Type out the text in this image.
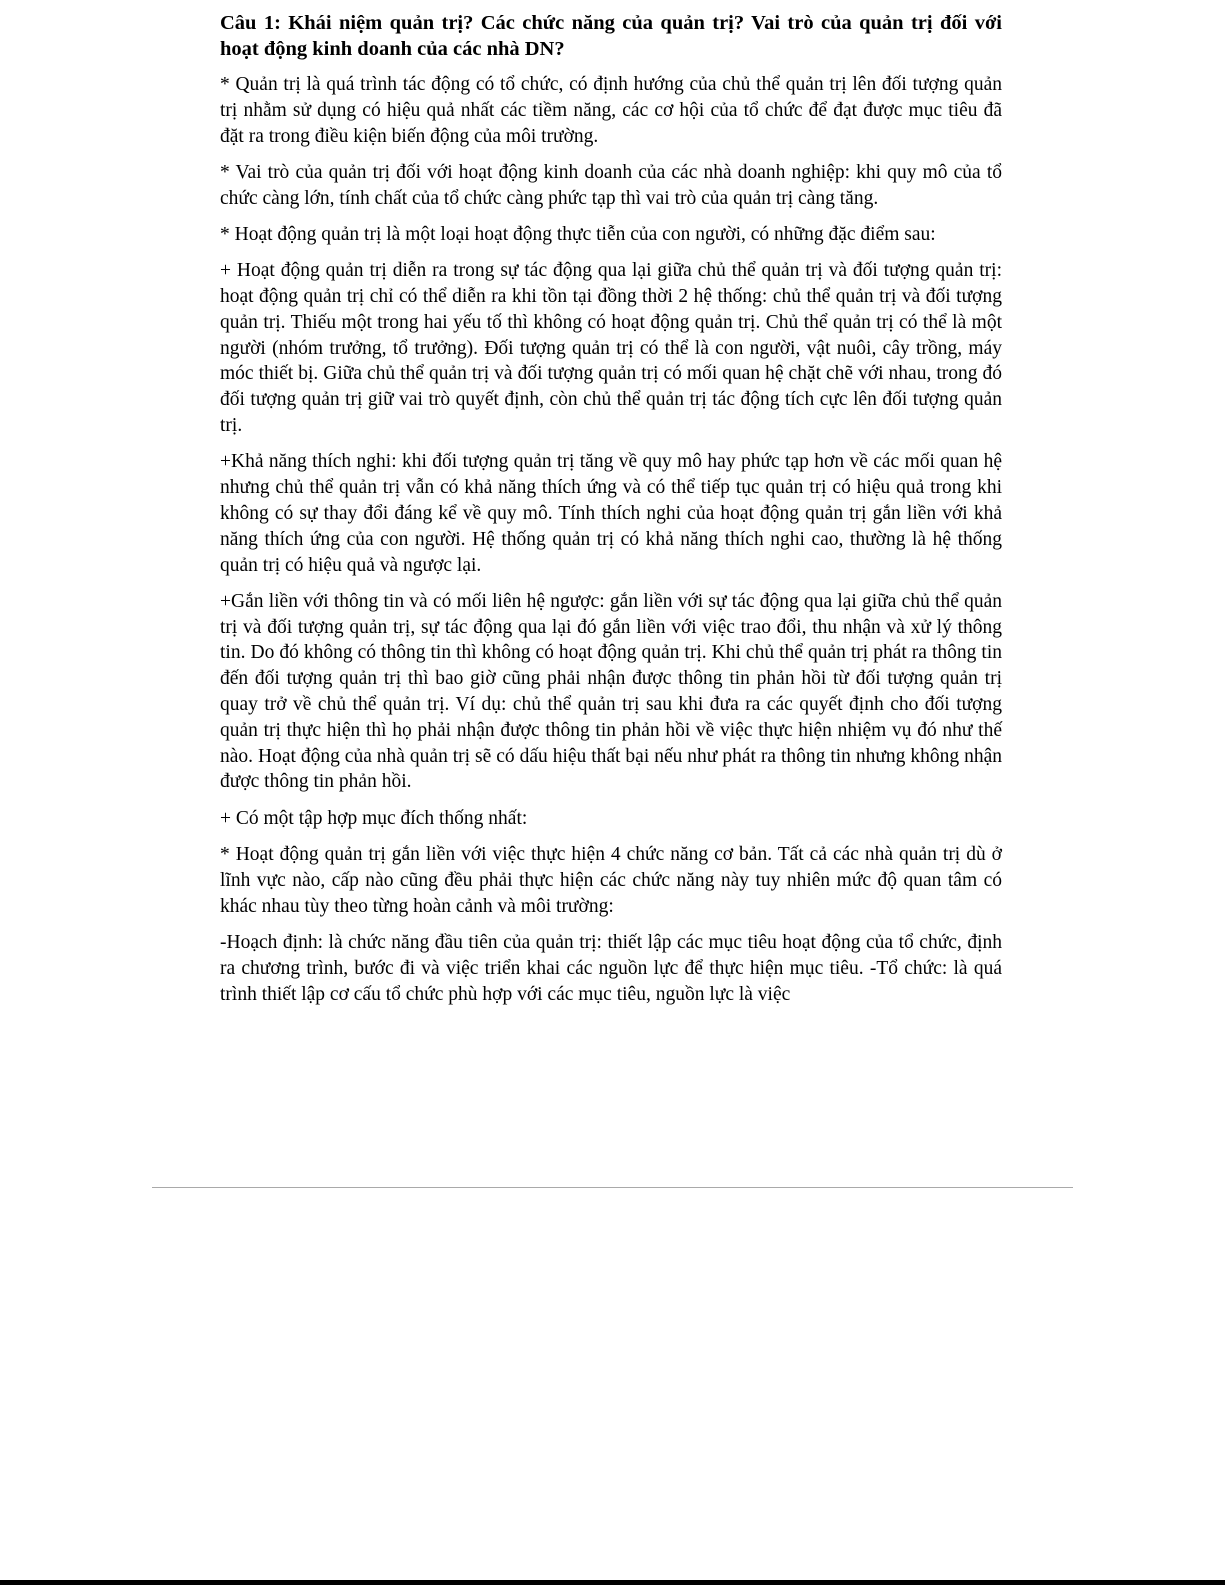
Câu 1: Khái niệm quản trị? Các chức năng của quản trị? Vai trò của quản trị đối với hoạt động kinh doanh của các nhà DN?

* Quản trị là quá trình tác động có tổ chức, có định hướng của chủ thể quản trị lên đối tượng quản trị nhằm sử dụng có hiệu quả nhất các tiềm năng, các cơ hội của tổ chức để đạt được mục tiêu đã đặt ra trong điều kiện biến động của môi trường.

* Vai trò của quản trị đối với hoạt động kinh doanh của các nhà doanh nghiệp: khi quy mô của tổ chức càng lớn, tính chất của tổ chức càng phức tạp thì vai trò của quản trị càng tăng.

* Hoạt động quản trị là một loại hoạt động thực tiễn của con người, có những đặc điểm sau:

+ Hoạt động quản trị diễn ra trong sự tác động qua lại giữa chủ thể quản trị và đối tượng quản trị: hoạt động quản trị chỉ có thể diễn ra khi tồn tại đồng thời 2 hệ thống: chủ thể quản trị và đối tượng quản trị. Thiếu một trong hai yếu tố thì không có hoạt động quản trị. Chủ thể quản trị có thể là một người (nhóm trưởng, tổ trưởng). Đối tượng quản trị có thể là con người, vật nuôi, cây trồng, máy móc thiết bị. Giữa chủ thể quản trị và đối tượng quản trị có mối quan hệ chặt chẽ với nhau, trong đó đối tượng quản trị giữ vai trò quyết định, còn chủ thể quản trị tác động tích cực lên đối tượng quản trị.

+Khả năng thích nghi: khi đối tượng quản trị tăng về quy mô hay phức tạp hơn về các mối quan hệ nhưng chủ thể quản trị vẫn có khả năng thích ứng và có thể tiếp tục quản trị có hiệu quả trong khi không có sự thay đổi đáng kể về quy mô. Tính thích nghi của hoạt động quản trị gắn liền với khả năng thích ứng của con người. Hệ thống quản trị có khả năng thích nghi cao, thường là hệ thống quản trị có hiệu quả và ngược lại.

+Gắn liền với thông tin và có mối liên hệ ngược: gắn liền với sự tác động qua lại giữa chủ thể quản trị và đối tượng quản trị, sự tác động qua lại đó gắn liền với việc trao đổi, thu nhận và xử lý thông tin. Do đó không có thông tin thì không có hoạt động quản trị. Khi chủ thể quản trị phát ra thông tin đến đối tượng quản trị thì bao giờ cũng phải nhận được thông tin phản hồi từ đối tượng quản trị quay trở về chủ thể quản trị. Ví dụ: chủ thể quản trị sau khi đưa ra các quyết định cho đối tượng quản trị thực hiện thì họ phải nhận được thông tin phản hồi về việc thực hiện nhiệm vụ đó như thế nào. Hoạt động của nhà quản trị sẽ có dấu hiệu thất bại nếu như phát ra thông tin nhưng không nhận được thông tin phản hồi.

+ Có một tập hợp mục đích thống nhất:

* Hoạt động quản trị gắn liền với việc thực hiện 4 chức năng cơ bản. Tất cả các nhà quản trị dù ở lĩnh vực nào, cấp nào cũng đều phải thực hiện các chức năng này tuy nhiên mức độ quan tâm có khác nhau tùy theo từng hoàn cảnh và môi trường:

-Hoạch định: là chức năng đầu tiên của quản trị: thiết lập các mục tiêu hoạt động của tổ chức, định ra chương trình, bước đi và việc triển khai các nguồn lực để thực hiện mục tiêu. -Tổ chức: là quá trình thiết lập cơ cấu tổ chức phù hợp với các mục tiêu, nguồn lực là việc
